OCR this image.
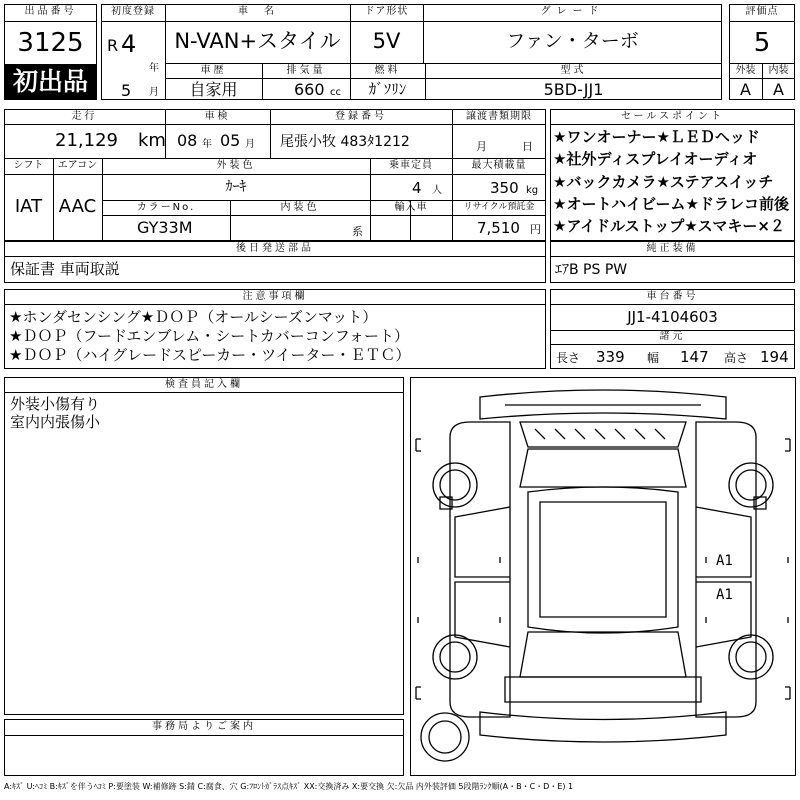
出品番号
3125
初出品
初度登録
R 4
年
5 月
車　名
N-VAN+スタイル
ドア形状
5V
グレード
ファン・ターボ
車歴
自家用
排気量
660 cc
燃料
ｶﾞｿﾘﾝ
型式
5BD-JJ1
評価点
5
外装	内装
A	A
走行
21,129 km
車検
08 年 05 月
登録番号
尾張小牧 483ﾀ1212
譲渡書類期限
月	日
シフト
IAT
エアコン
AAC
外装色
ｶｰｷ
乗車定員
4 人
最大積載量
350 kg
カラーNo.
GY33M
内装色
系
輸入車	リサイクル預託金
7,510 円
後日発送部品
保証書 車両取説
セールスポイント
★ワンオーナー★ＬＥＤヘッド
★社外ディスプレイオーディオ
★バックカメラ★ステアスイッチ
★オートハイビーム★ドラレコ前後
★アイドルストップ★スマキー×２
純正装備
ｴｱB PS PW
注意事項欄
★ホンダセンシング★ＤＯＰ（オールシーズンマット）
★ＤＯＰ（フードエンブレム・シートカバーコンフォート）
★ＤＯＰ（ハイグレードスピーカー・ツイーター・ＥＴＣ）
車台番号
JJ1-4104603
諸元
長さ 339 幅 147 高さ 194
検査員記入欄
外装小傷有り
室内内張傷小
事務局よりご案内
A1
A1
A:ｷｽﾞ U:ﾍｺﾐ B:ｷｽﾞを伴うﾍｺﾐ P:要塗装 W:補修跡 S:錆 C:腐食、穴 G:ﾌﾛﾝﾄｶﾞﾗｽ点ｷｽﾞ XX:交換済み X:要交換 欠:欠品 内外装評価 5段階ﾗﾝｸ順(A・B・C・D・E) 1
